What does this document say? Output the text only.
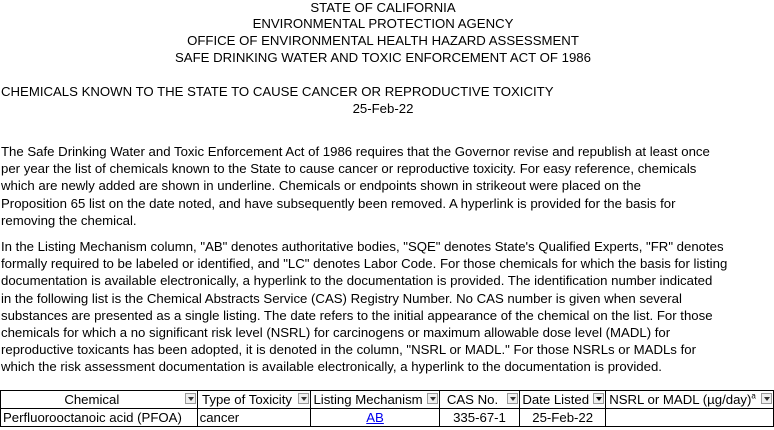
STATE OF CALIFORNIA
ENVIRONMENTAL PROTECTION AGENCY
OFFICE OF ENVIRONMENTAL HEALTH HAZARD ASSESSMENT
SAFE DRINKING WATER AND TOXIC ENFORCEMENT ACT OF 1986
CHEMICALS KNOWN TO THE STATE TO CAUSE CANCER OR REPRODUCTIVE TOXICITY
25-Feb-22
The Safe Drinking Water and Toxic Enforcement Act of 1986 requires that the Governor revise and republish at least once
per year the list of chemicals known to the State to cause cancer or reproductive toxicity. For easy reference, chemicals
which are newly added are shown in underline. Chemicals or endpoints shown in strikeout were placed on the
Proposition 65 list on the date noted, and have subsequently been removed. A hyperlink is provided for the basis for
removing the chemical.
In the Listing Mechanism column, "AB" denotes authoritative bodies, "SQE" denotes State's Qualified Experts, "FR" denotes
formally required to be labeled or identified, and "LC" denotes Labor Code. For those chemicals for which the basis for listing
documentation is available electronically, a hyperlink to the documentation is provided. The identification number indicated
in the following list is the Chemical Abstracts Service (CAS) Registry Number. No CAS number is given when several
substances are presented as a single listing. The date refers to the initial appearance of the chemical on the list. For those
chemicals for which a no significant risk level (NSRL) for carcinogens or maximum allowable dose level (MADL) for
reproductive toxicants has been adopted, it is denoted in the column, "NSRL or MADL." For those NSRLs or MADLs for
which the risk assessment documentation is available electronically, a hyperlink to the documentation is provided.
Chemical	Type of Toxicity	Listing Mechanism	CAS No.	Date Listed	NSRL or MADL $(\mu g/day)^a$

Perfluorooctanoic acid (PFOA)	cancer	AB	335-67-1	25-Feb-22	
